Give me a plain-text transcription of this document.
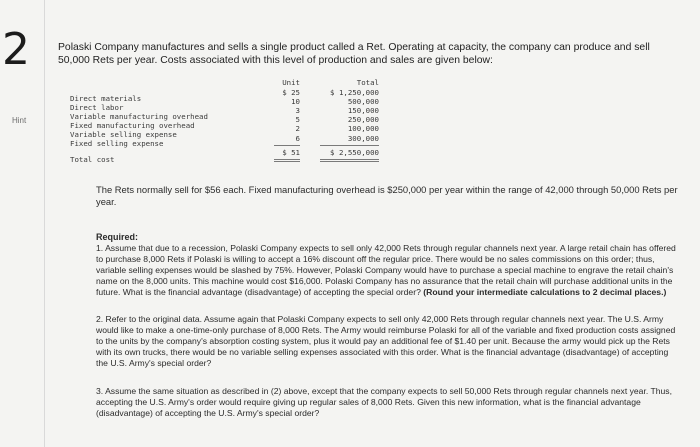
2
Hint
Polaski Company manufactures and sells a single product called a Ret. Operating at capacity, the company can produce and sell 50,000 Rets per year. Costs associated with this level of production and sales are given below:
Unit	Total
Direct materials
$ 25	$ 1,250,000
Direct labor
10	500,000
Variable manufacturing overhead
3	150,000
Fixed manufacturing overhead
5	250,000
Variable selling expense
2	100,000
Fixed selling expense
6	300,000
Total cost
$ 51	$ 2,550,000
The Rets normally sell for $56 each. Fixed manufacturing overhead is $250,000 per year within the range of 42,000 through 50,000 Rets per year.
Required:
1. Assume that due to a recession, Polaski Company expects to sell only 42,000 Rets through regular channels next year. A large retail chain has offered to purchase 8,000 Rets if Polaski is willing to accept a 16% discount off the regular price. There would be no sales commissions on this order; thus, variable selling expenses would be slashed by 75%. However, Polaski Company would have to purchase a special machine to engrave the retail chain's name on the 8,000 units. This machine would cost $16,000. Polaski Company has no assurance that the retail chain will purchase additional units in the future. What is the financial advantage (disadvantage) of accepting the special order? (Round your intermediate calculations to 2 decimal places.)
2. Refer to the original data. Assume again that Polaski Company expects to sell only 42,000 Rets through regular channels next year. The U.S. Army would like to make a one-time-only purchase of 8,000 Rets. The Army would reimburse Polaski for all of the variable and fixed production costs assigned to the units by the company's absorption costing system, plus it would pay an additional fee of $1.40 per unit. Because the army would pick up the Rets with its own trucks, there would be no variable selling expenses associated with this order. What is the financial advantage (disadvantage) of accepting the U.S. Army's special order?
3. Assume the same situation as described in (2) above, except that the company expects to sell 50,000 Rets through regular channels next year. Thus, accepting the U.S. Army's order would require giving up regular sales of 8,000 Rets. Given this new information, what is the financial advantage (disadvantage) of accepting the U.S. Army's special order?
